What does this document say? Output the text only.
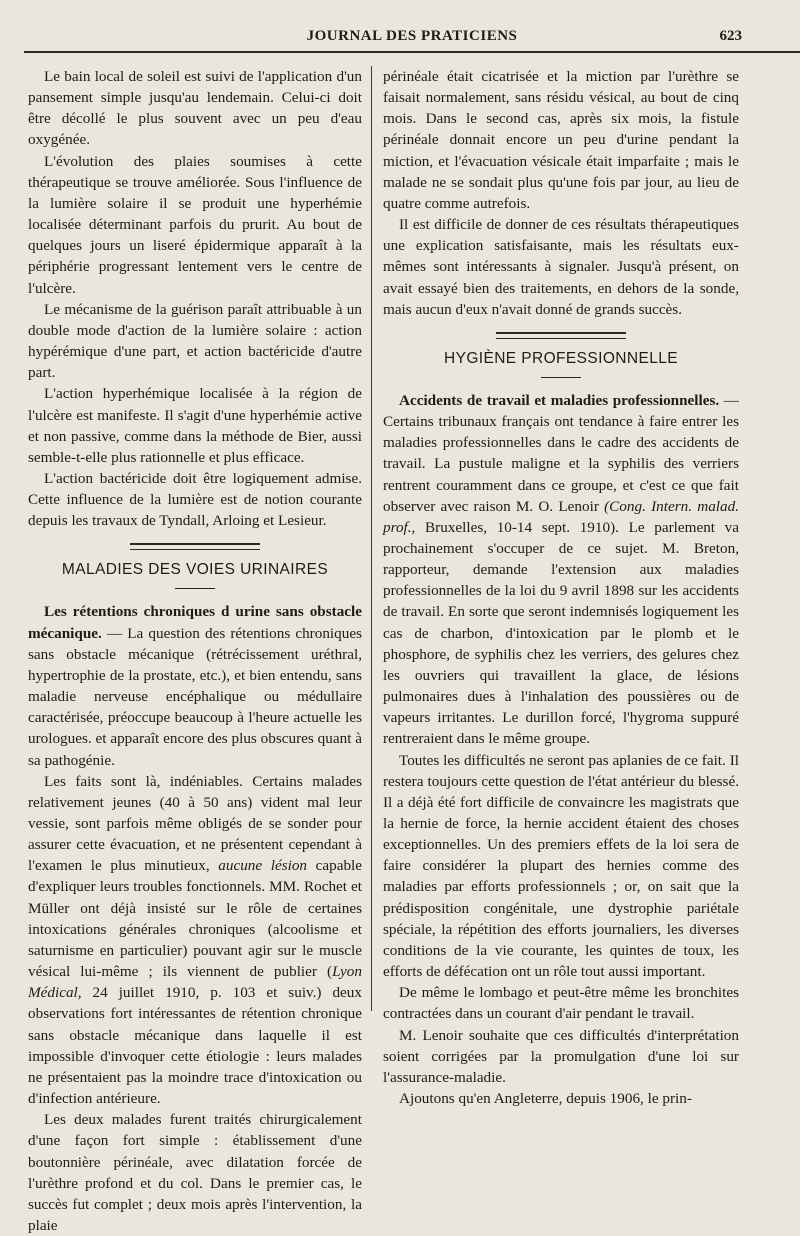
JOURNAL DES PRATICIENS	623

Le bain local de soleil est suivi de l'application d'un pansement simple jusqu'au lendemain. Celui-ci doit être décollé le plus souvent avec un peu d'eau oxygénée.

L'évolution des plaies soumises à cette thérapeutique se trouve améliorée. Sous l'influence de la lumière solaire il se produit une hyperhémie localisée déterminant parfois du prurit. Au bout de quelques jours un liseré épidermique apparaît à la périphérie progressant lentement vers le centre de l'ulcère.

Le mécanisme de la guérison paraît attribuable à un double mode d'action de la lumière solaire : action hypérémique d'une part, et action bactéricide d'autre part.

L'action hyperhémique localisée à la région de l'ulcère est manifeste. Il s'agit d'une hyperhémie active et non passive, comme dans la méthode de Bier, aussi semble-t-elle plus rationnelle et plus efficace.

L'action bactéricide doit être logiquement admise. Cette influence de la lumière est de notion courante depuis les travaux de Tyndall, Arloing et Lesieur.

MALADIES DES VOIES URINAIRES

Les rétentions chroniques d urine sans obstacle mécanique. — La question des rétentions chroniques sans obstacle mécanique (rétrécissement uréthral, hypertrophie de la prostate, etc.), et bien entendu, sans maladie nerveuse encéphalique ou médullaire caractérisée, préoccupe beaucoup à l'heure actuelle les urologues. et apparaît encore des plus obscures quant à sa pathogénie.

Les faits sont là, indéniables. Certains malades relativement jeunes (40 à 50 ans) vident mal leur vessie, sont parfois même obligés de se sonder pour assurer cette évacuation, et ne présentent cependant à l'examen le plus minutieux, aucune lésion capable d'expliquer leurs troubles fonctionnels. MM. Rochet et Müller ont déjà insisté sur le rôle de certaines intoxications générales chroniques (alcoolisme et saturnisme en particulier) pouvant agir sur le muscle vésical lui-même ; ils viennent de publier (Lyon Médical, 24 juillet 1910, p. 103 et suiv.) deux observations fort intéressantes de rétention chronique sans obstacle mécanique dans laquelle il est impossible d'invoquer cette étiologie : leurs malades ne présentaient pas la moindre trace d'intoxication ou d'infection antérieure.

Les deux malades furent traités chirurgicalement d'une façon fort simple : établissement d'une boutonnière périnéale, avec dilatation forcée de l'urèthre profond et du col. Dans le premier cas, le succès fut complet ; deux mois après l'intervention, la plaie

périnéale était cicatrisée et la miction par l'urèthre se faisait normalement, sans résidu vésical, au bout de cinq mois. Dans le second cas, après six mois, la fistule périnéale donnait encore un peu d'urine pendant la miction, et l'évacuation vésicale était imparfaite ; mais le malade ne se sondait plus qu'une fois par jour, au lieu de quatre comme autrefois.

Il est difficile de donner de ces résultats thérapeutiques une explication satisfaisante, mais les résultats eux-mêmes sont intéressants à signaler. Jusqu'à présent, on avait essayé bien des traitements, en dehors de la sonde, mais aucun d'eux n'avait donné de grands succès.

HYGIÈNE PROFESSIONNELLE

Accidents de travail et maladies professionnelles. — Certains tribunaux français ont tendance à faire entrer les maladies professionnelles dans le cadre des accidents de travail. La pustule maligne et la syphilis des verriers rentrent couramment dans ce groupe, et c'est ce que fait observer avec raison M. O. Lenoir (Cong. Intern. malad. prof., Bruxelles, 10-14 sept. 1910). Le parlement va prochainement s'occuper de ce sujet. M. Breton, rapporteur, demande l'extension aux maladies professionnelles de la loi du 9 avril 1898 sur les accidents de travail. En sorte que seront indemnisés logiquement les cas de charbon, d'intoxication par le plomb et le phosphore, de syphilis chez les verriers, des gelures chez les ouvriers qui travaillent la glace, de lésions pulmonaires dues à l'inhalation des poussières ou de vapeurs irritantes. Le durillon forcé, l'hygroma suppuré rentreraient dans le même groupe.

Toutes les difficultés ne seront pas aplanies de ce fait. Il restera toujours cette question de l'état antérieur du blessé. Il a déjà été fort difficile de convaincre les magistrats que la hernie de force, la hernie accident étaient des choses exceptionnelles. Un des premiers effets de la loi sera de faire considérer la plupart des hernies comme des maladies par efforts professionnels ; or, on sait que la prédisposition congénitale, une dystrophie pariétale spéciale, la répétition des efforts journaliers, les diverses conditions de la vie courante, les quintes de toux, les efforts de défécation ont un rôle tout aussi important.

De même le lombago et peut-être même les bronchites contractées dans un courant d'air pendant le travail.

M. Lenoir souhaite que ces difficultés d'interprétation soient corrigées par la promulgation d'une loi sur l'assurance-maladie.

Ajoutons qu'en Angleterre, depuis 1906, le prin-
